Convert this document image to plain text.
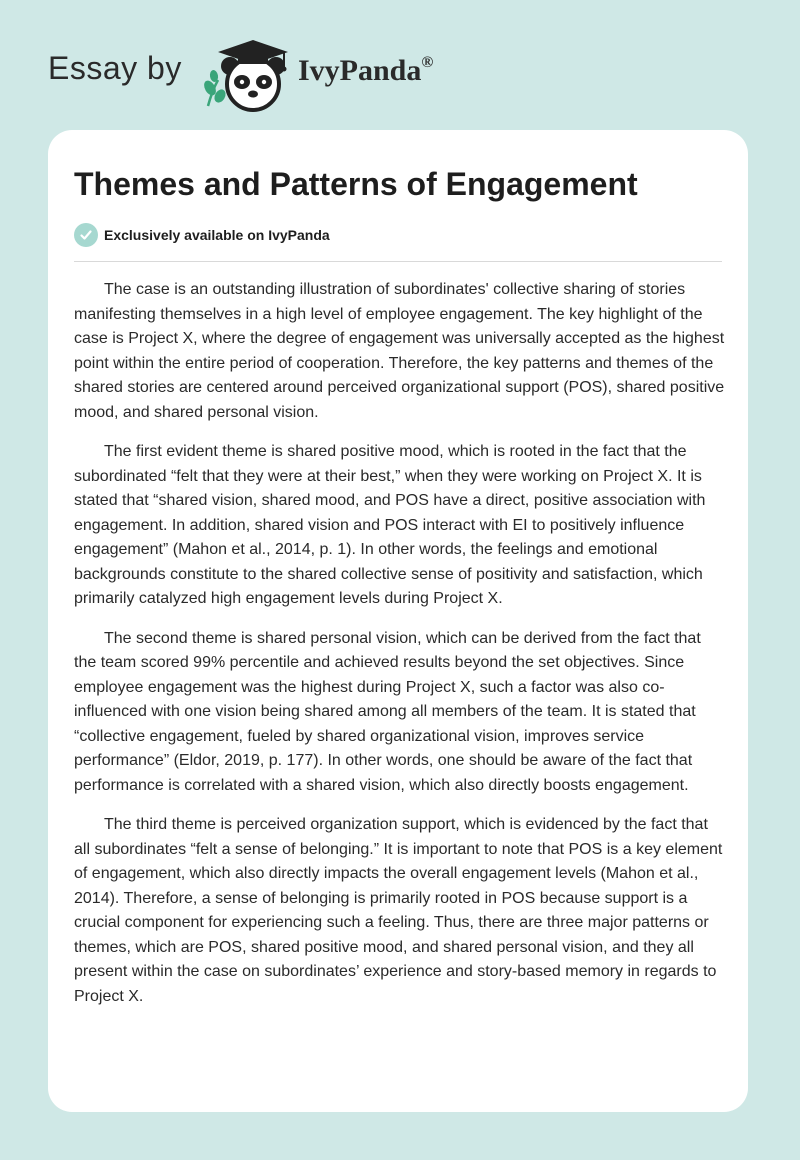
Essay by	IvyPanda®
Themes and Patterns of Engagement
Exclusively available on IvyPanda

The case is an outstanding illustration of subordinates' collective sharing of stories manifesting themselves in a high level of employee engagement. The key highlight of the case is Project X, where the degree of engagement was universally accepted as the highest point within the entire period of cooperation. Therefore, the key patterns and themes of the shared stories are centered around perceived organizational support (POS), shared positive mood, and shared personal vision.

The first evident theme is shared positive mood, which is rooted in the fact that the subordinated “felt that they were at their best,” when they were working on Project X. It is stated that “shared vision, shared mood, and POS have a direct, positive association with engagement. In addition, shared vision and POS interact with EI to positively influence engagement” (Mahon et al., 2014, p. 1). In other words, the feelings and emotional backgrounds constitute to the shared collective sense of positivity and satisfaction, which primarily catalyzed high engagement levels during Project X.

The second theme is shared personal vision, which can be derived from the fact that the team scored 99% percentile and achieved results beyond the set objectives. Since employee engagement was the highest during Project X, such a factor was also co-influenced with one vision being shared among all members of the team. It is stated that “collective engagement, fueled by shared organizational vision, improves service performance” (Eldor, 2019, p. 177). In other words, one should be aware of the fact that performance is correlated with a shared vision, which also directly boosts engagement.

The third theme is perceived organization support, which is evidenced by the fact that all subordinates “felt a sense of belonging.” It is important to note that POS is a key element of engagement, which also directly impacts the overall engagement levels (Mahon et al., 2014). Therefore, a sense of belonging is primarily rooted in POS because support is a crucial component for experiencing such a feeling. Thus, there are three major patterns or themes, which are POS, shared positive mood, and shared personal vision, and they all present within the case on subordinates’ experience and story-based memory in regards to Project X.
